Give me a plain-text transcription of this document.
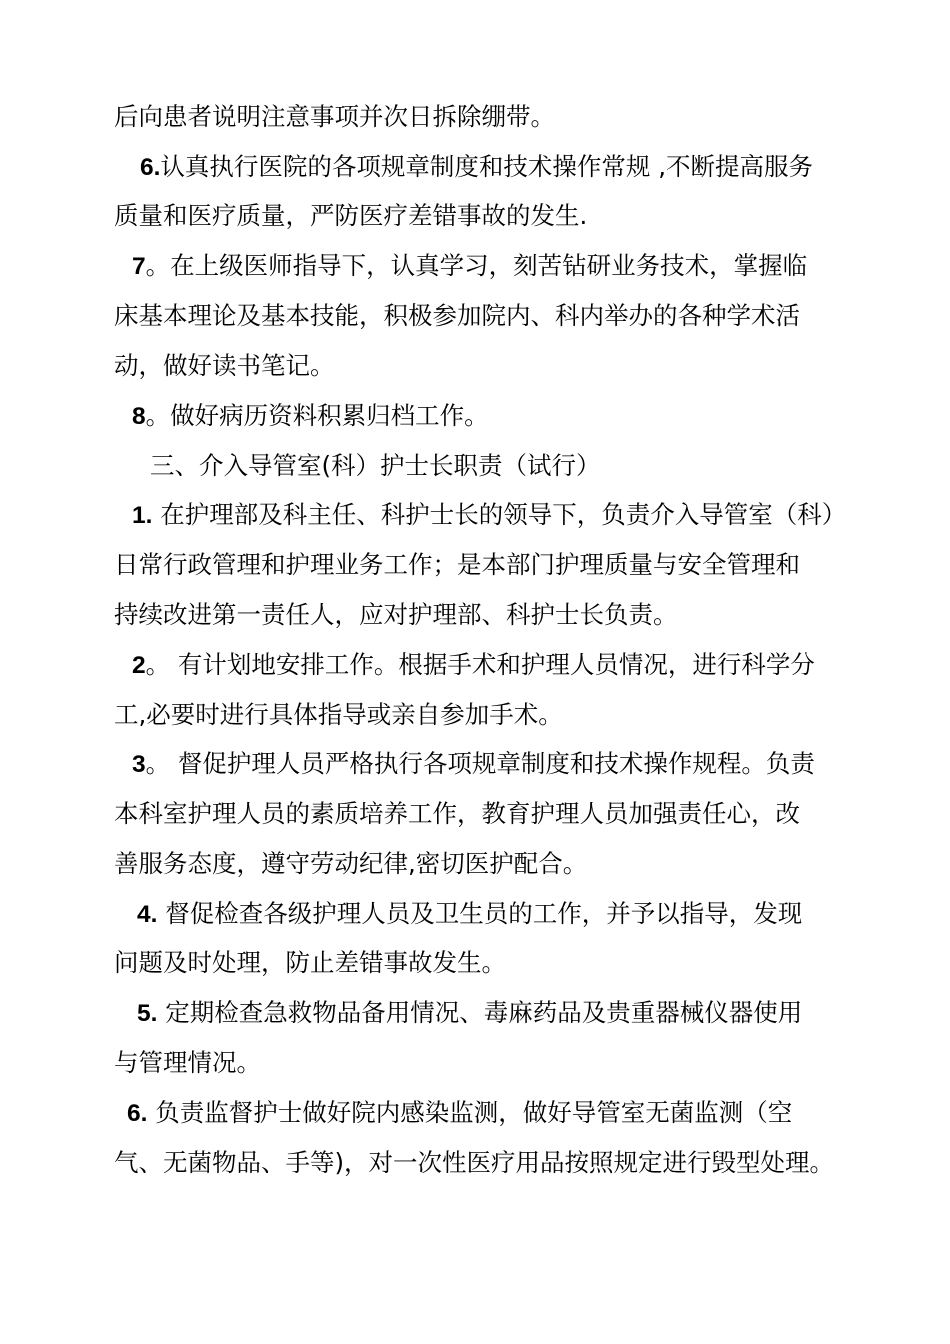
后向患者说明注意事项并次日拆除绷带。
6.认真执行医院的各项规章制度和技术操作常规 ,不断提高服务
质量和医疗质量，严防医疗差错事故的发生.
7。在上级医师指导下，认真学习，刻苦钻研业务技术，掌握临
床基本理论及基本技能，积极参加院内、科内举办的各种学术活
动，做好读书笔记。
8。做好病历资料积累归档工作。
三、介入导管室(科）护士长职责（试行）
1. 在护理部及科主任、科护士长的领导下，负责介入导管室（科）
日常行政管理和护理业务工作；是本部门护理质量与安全管理和
持续改进第一责任人，应对护理部、科护士长负责。
2。 有计划地安排工作。根据手术和护理人员情况，进行科学分
工,必要时进行具体指导或亲自参加手术。
3。 督促护理人员严格执行各项规章制度和技术操作规程。负责
本科室护理人员的素质培养工作，教育护理人员加强责任心，改
善服务态度，遵守劳动纪律,密切医护配合。
4. 督促检查各级护理人员及卫生员的工作，并予以指导，发现
问题及时处理，防止差错事故发生。
5. 定期检查急救物品备用情况、毒麻药品及贵重器械仪器使用
与管理情况。
6. 负责监督护士做好院内感染监测，做好导管室无菌监测（空
气、无菌物品、手等)，对一次性医疗用品按照规定进行毁型处理。
